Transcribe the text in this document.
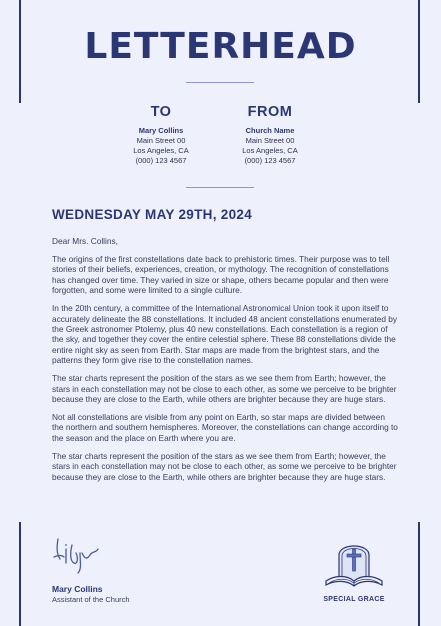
LETTERHEAD
TO
Mary Collins
Main Street 00
Los Angeles, CA
(000) 123 4567
FROM
Church Name
Main Street 00
Los Angeles, CA
(000) 123 4567
WEDNESDAY MAY 29TH, 2024

Dear Mrs. Collins,

The origins of the first constellations date back to prehistoric times. Their purpose was to tell stories of their beliefs, experiences, creation, or mythology. The recognition of constellations has changed over time. They varied in size or shape, others became popular and then were forgotten, and some were limited to a single culture.

In the 20th century, a committee of the International Astronomical Union took it upon itself to accurately delineate the 88 constellations. It included 48 ancient constellations enumerated by the Greek astronomer Ptolemy, plus 40 new constellations. Each constellation is a region of the sky, and together they cover the entire celestial sphere. These 88 constellations divide the entire night sky as seen from Earth. Star maps are made from the brightest stars, and the patterns they form give rise to the constellation names.

The star charts represent the position of the stars as we see them from Earth; however, the stars in each constellation may not be close to each other, as some we perceive to be brighter because they are close to the Earth, while others are brighter because they are huge stars.

Not all constellations are visible from any point on Earth, so star maps are divided between the northern and southern hemispheres. Moreover, the constellations can change according to the season and the place on Earth where you are.

The star charts represent the position of the stars as we see them from Earth; however, the stars in each constellation may not be close to each other, as some we perceive to be brighter because they are close to the Earth, while others are brighter because they are huge stars.

Mary Collins
Assistant of the Church	SPECIAL GRACE
